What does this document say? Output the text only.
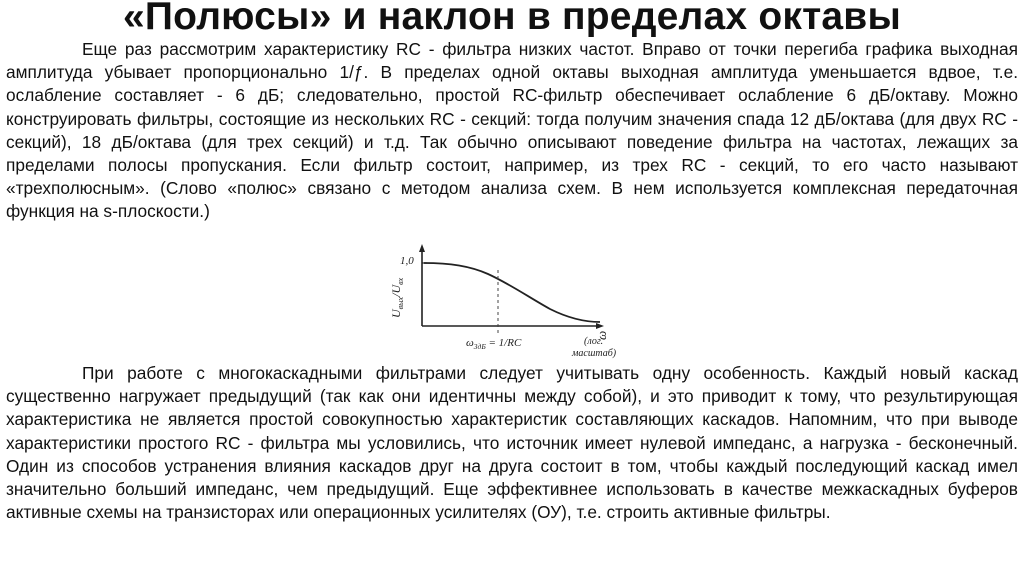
«Полюсы» и наклон в пределах октавы

Еще раз рассмотрим характеристику RC - фильтра низких частот. Вправо от точки перегиба графика выходная амплитуда убывает пропорционально 1/ƒ. В пределах одной октавы выходная амплитуда уменьшается вдвое, т.е. ослабление составляет - 6 дБ; следовательно, простой RC-фильтр обеспечивает ослабление 6 дБ/октаву. Можно конструировать фильтры, состоящие из нескольких RC - секций: тогда получим значения спада 12 дБ/октава (для двух RC - секций), 18 дБ/октава (для трех секций) и т.д. Так обычно описывают поведение фильтра на частотах, лежащих за пределами полосы пропускания. Если фильтр состоит, например, из трех RC - секций, то его часто называют «трехполюсным». (Слово «полюс» связано с методом анализа схем. В нем используется комплексная передаточная функция на s-плоскости.)

1,0
$U_{вых}/U_{вх}$
ω
$\omega_{3дБ} = 1/RC$	(лог.
масштаб)

При работе с многокаскадными фильтрами следует учитывать одну особенность. Каждый новый каскад существенно нагружает предыдущий (так как они идентичны между собой), и это приводит к тому, что результирующая характеристика не является простой совокупностью характеристик составляющих каскадов. Напомним, что при выводе характеристики простого RC - фильтра мы условились, что источник имеет нулевой импеданс, а нагрузка - бесконечный. Один из способов устранения влияния каскадов друг на друга состоит в том, чтобы каждый последующий каскад имел значительно больший импеданс, чем предыдущий. Еще эффективнее использовать в качестве межкаскадных буферов активные схемы на транзисторах или операционных усилителях (ОУ), т.е. строить активные фильтры.
